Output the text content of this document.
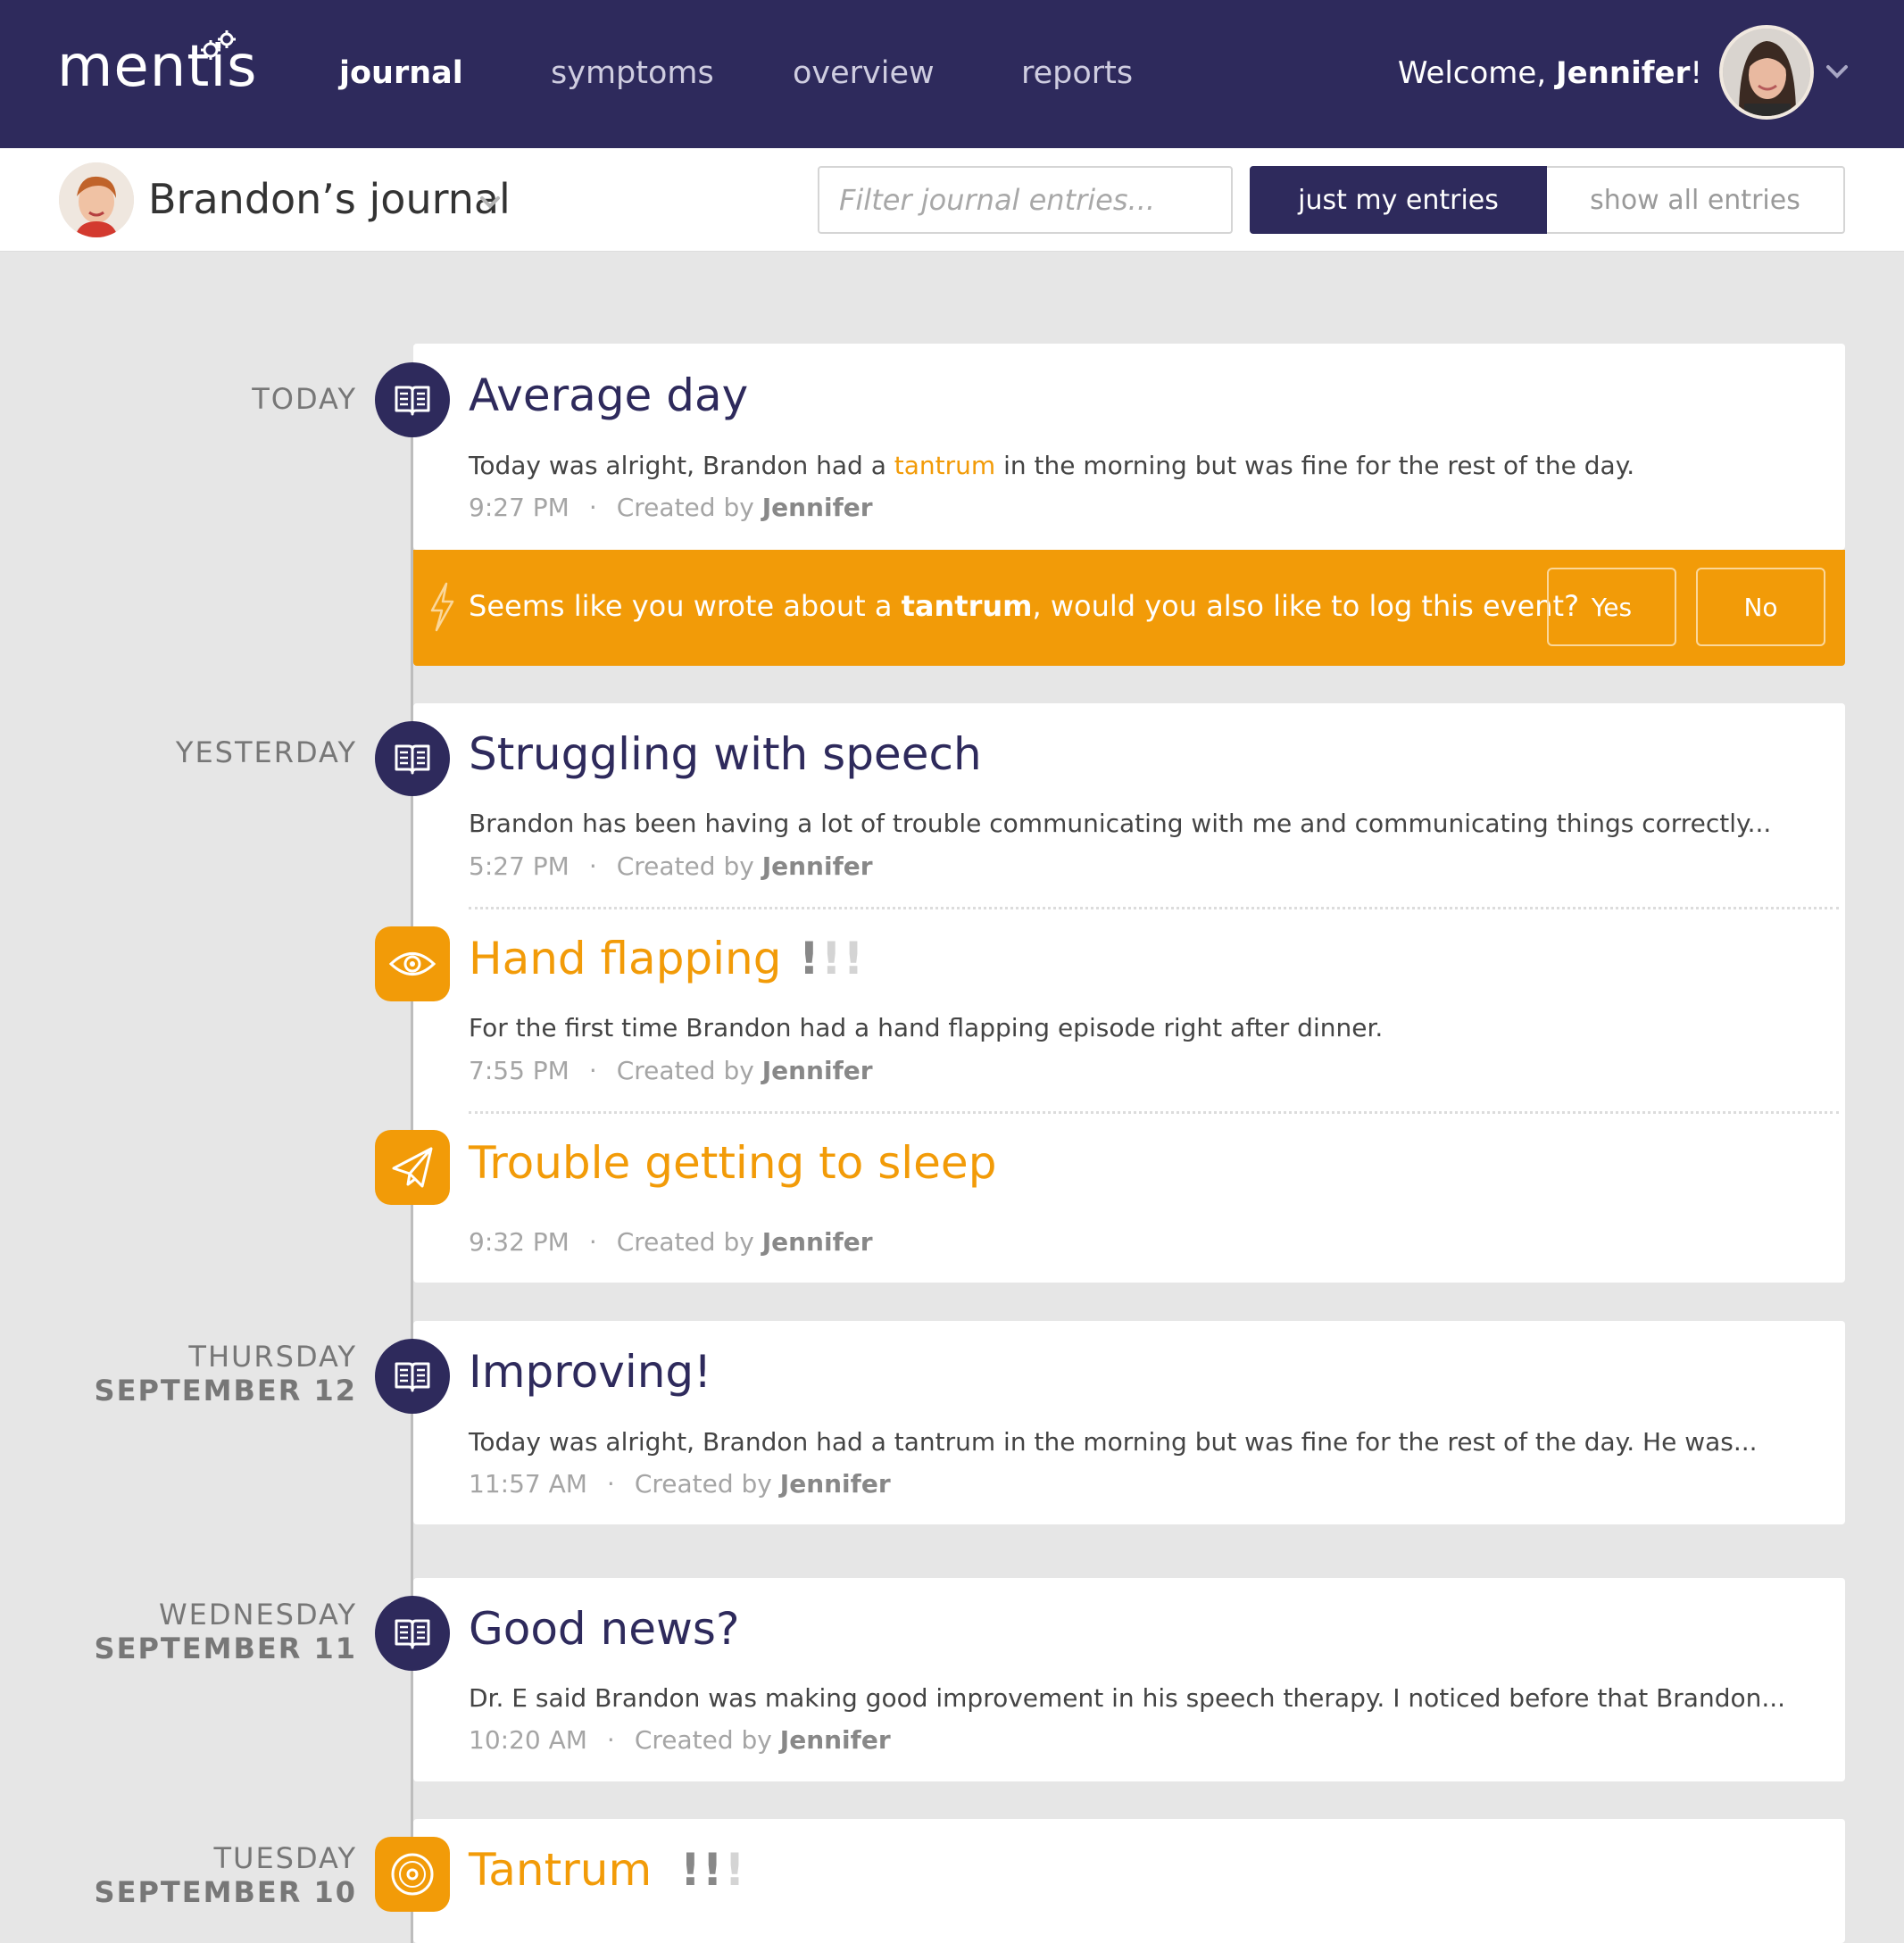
mentis	journal	symptoms	overview	reports	Welcome, Jennifer!
Brandon’s journal
Filter journal entries...	just my entries	show all entries
TODAY	Average day
Today was alright, Brandon had a tantrum in the morning but was fine for the rest of the day.
9:27 PM · Created by Jennifer
Seems like you wrote about a tantrum, would you also like to log this event? Yes	No
YESTERDAY	Struggling with speech
Brandon has been having a lot of trouble communicating with me and communicating things correctly...
5:27 PM · Created by Jennifer
Hand flapping !!!
For the first time Brandon had a hand flapping episode right after dinner.
7:55 PM · Created by Jennifer
Trouble getting to sleep
9:32 PM · Created by Jennifer
THURSDAY
SEPTEMBER 12	Improving!
Today was alright, Brandon had a tantrum in the morning but was fine for the rest of the day. He was...
11:57 AM · Created by Jennifer
WEDNESDAY
SEPTEMBER 11	Good news?
Dr. E said Brandon was making good improvement in his speech therapy. I noticed before that Brandon...
10:20 AM · Created by Jennifer
TUESDAY
SEPTEMBER 10	Tantrum !!!
